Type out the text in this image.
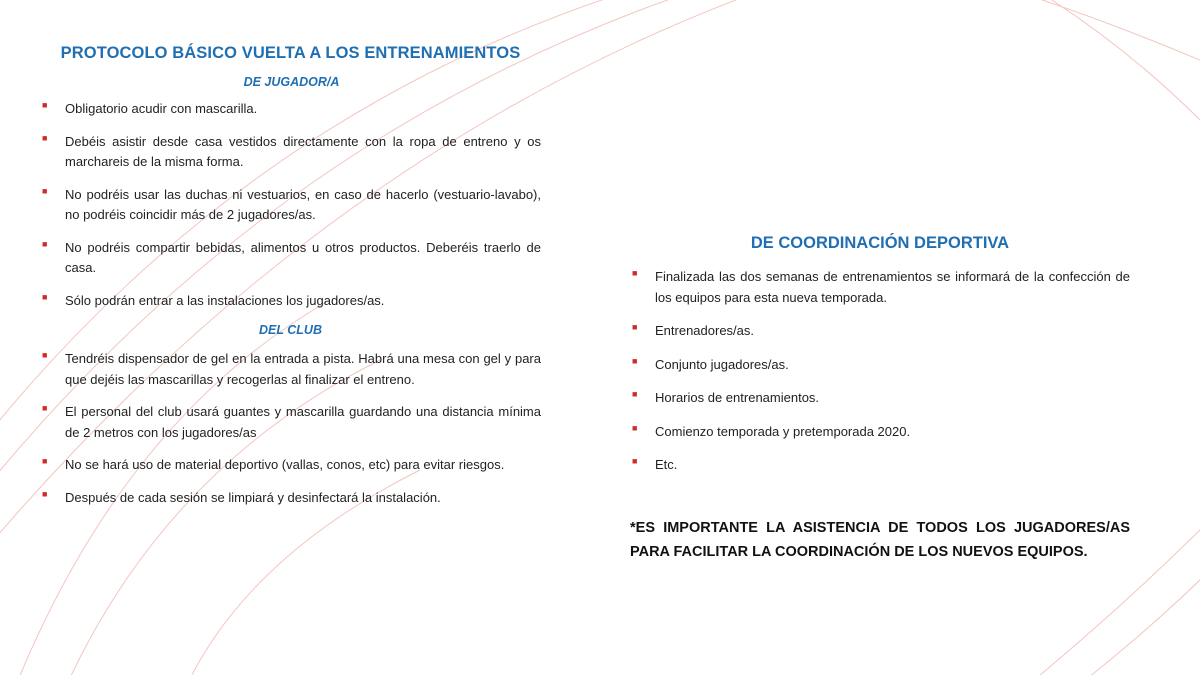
PROTOCOLO BÁSICO VUELTA A LOS ENTRENAMIENTOS
DE JUGADOR/A
■ Obligatorio acudir con mascarilla.
■ Debéis asistir desde casa vestidos directamente con la ropa de entreno y os marchareis de la misma forma.
■ No podréis usar las duchas ni vestuarios, en caso de hacerlo (vestuario-lavabo), no podréis coincidir más de 2 jugadores/as.
■ No podréis compartir bebidas, alimentos u otros productos. Deberéis traerlo de casa.
■ Sólo podrán entrar a las instalaciones los jugadores/as.
DEL CLUB
■ Tendréis dispensador de gel en la entrada a pista. Habrá una mesa con gel y para que dejéis las mascarillas y recogerlas al finalizar el entreno.
■ El personal del club usará guantes y mascarilla guardando una distancia mínima de 2 metros con los jugadores/as
■ No se hará uso de material deportivo (vallas, conos, etc) para evitar riesgos.
■ Después de cada sesión se limpiará y desinfectará la instalación.
DE COORDINACIÓN DEPORTIVA
■ Finalizada las dos semanas de entrenamientos se informará de la confección de los equipos para esta nueva temporada.
■ Entrenadores/as.
■ Conjunto jugadores/as.
■ Horarios de entrenamientos.
■ Comienzo temporada y pretemporada 2020.
■ Etc.

*ES IMPORTANTE LA ASISTENCIA DE TODOS LOS JUGADORES/AS PARA FACILITAR LA COORDINACIÓN DE LOS NUEVOS EQUIPOS.
